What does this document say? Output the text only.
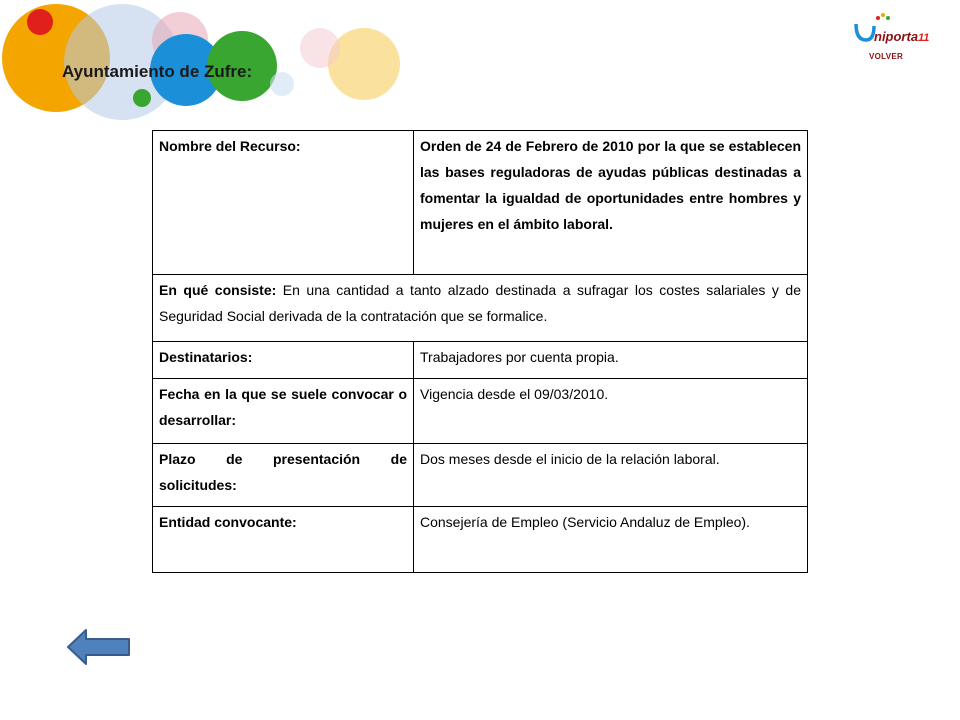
Ayuntamiento de Zufre:
niporta 11
VOLVER
Nombre del Recurso:	Orden de 24 de Febrero de 2010 por la que se establecen las bases reguladoras de ayudas públicas destinadas a fomentar la igualdad de oportunidades entre hombres y mujeres en el ámbito laboral.
En qué consiste: En una cantidad a tanto alzado destinada a sufragar los costes salariales y de Seguridad Social derivada de la contratación que se formalice.	
Destinatarios:	Trabajadores por cuenta propia.
Fecha en la que se suele convocar o desarrollar:	Vigencia desde el 09/03/2010.
Plazo de presentación de solicitudes:	Dos meses desde el inicio de la relación laboral.
Entidad convocante:	Consejería de Empleo (Servicio Andaluz de Empleo).
